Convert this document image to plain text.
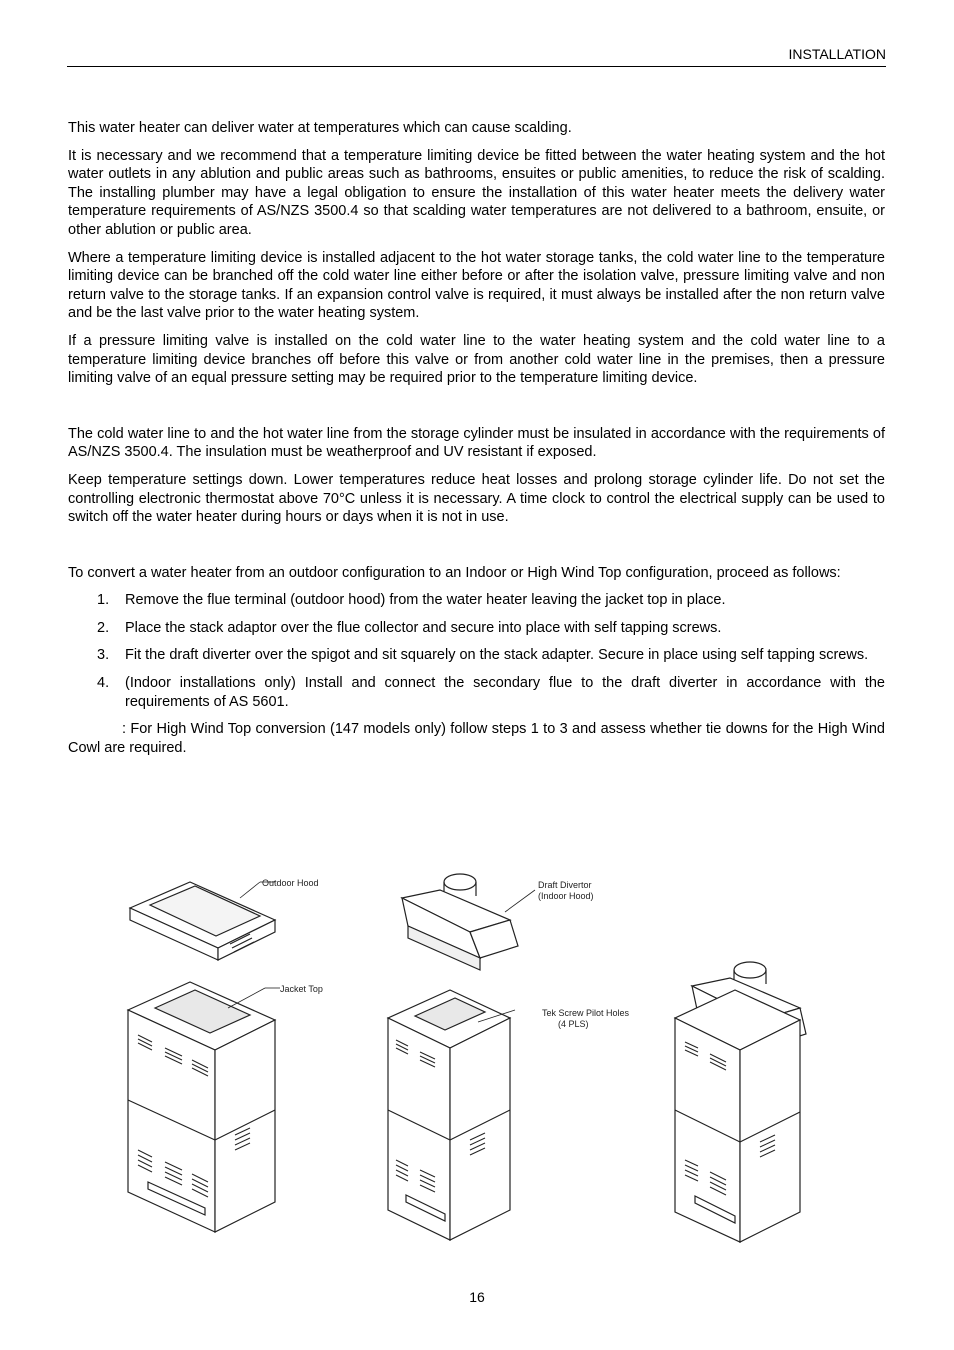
INSTALLATION

This water heater can deliver water at temperatures which can cause scalding.

It is necessary and we recommend that a temperature limiting device be fitted between the water heating system and the hot water outlets in any ablution and public areas such as bathrooms, ensuites or public amenities, to reduce the risk of scalding. The installing plumber may have a legal obligation to ensure the installation of this water heater meets the delivery water temperature requirements of AS/NZS 3500.4 so that scalding water temperatures are not delivered to a bathroom, ensuite, or other ablution or public area.

Where a temperature limiting device is installed adjacent to the hot water storage tanks, the cold water line to the temperature limiting device can be branched off the cold water line either before or after the isolation valve, pressure limiting valve and non return valve to the storage tanks. If an expansion control valve is required, it must always be installed after the non return valve and be the last valve prior to the water heating system.

If a pressure limiting valve is installed on the cold water line to the water heating system and the cold water line to a temperature limiting device branches off before this valve or from another cold water line in the premises, then a pressure limiting valve of an equal pressure setting may be required prior to the temperature limiting device.

The cold water line to and the hot water line from the storage cylinder must be insulated in accordance with the requirements of AS/NZS 3500.4. The insulation must be weatherproof and UV resistant if exposed.

Keep temperature settings down. Lower temperatures reduce heat losses and prolong storage cylinder life. Do not set the controlling electronic thermostat above 70°C unless it is necessary. A time clock to control the electrical supply can be used to switch off the water heater during hours or days when it is not in use.

To convert a water heater from an outdoor configuration to an Indoor or High Wind Top configuration, proceed as follows:

1. Remove the flue terminal (outdoor hood) from the water heater leaving the jacket top in place.
2. Place the stack adaptor over the flue collector and secure into place with self tapping screws.
3. Fit the draft diverter over the spigot and sit squarely on the stack adapter. Secure in place using self tapping screws.
4. (Indoor installations only) Install and connect the secondary flue to the draft diverter in accordance with the requirements of AS 5601.

: For High Wind Top conversion (147 models only) follow steps 1 to 3 and assess whether tie downs for the High Wind Cowl are required.

Outdoor Hood
Jacket Top
Draft Divertor
(Indoor Hood)
Tek Screw Pilot Holes
(4 PLS)
16
